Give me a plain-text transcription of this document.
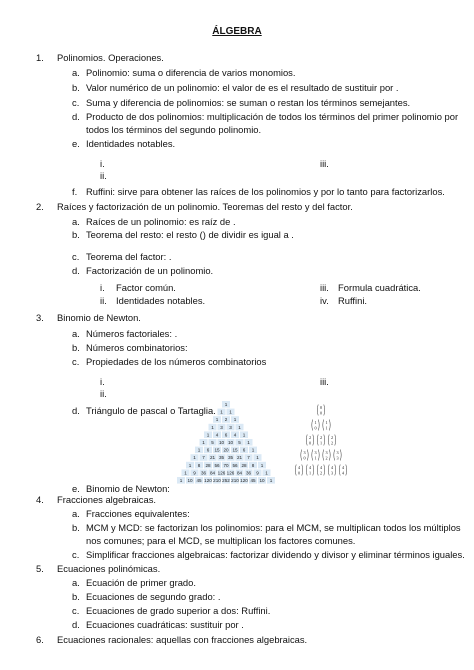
ÁLGEBRA
1. Polinomios. Operaciones.
a. Polinomio: suma o diferencia de varios monomios.
b. Valor numérico de un polinomio: el valor de es el resultado de sustituir por .
c. Suma y diferencia de polinomios: se suman o restan los términos semejantes.
d. Producto de dos polinomios: multiplicación de todos los términos del primer polinomio por
todos los términos del segundo polinomio.
e. Identidades notables.
i.	iii.
ii.
f. Ruffini: sirve para obtener las raíces de los polinomios y por lo tanto para factorizarlos.
2. Raíces y factorización de un polinomio. Teoremas del resto y del factor.
a. Raíces de un polinomio: es raíz de .
b. Teorema del resto: el resto () de dividir es igual a .
c. Teorema del factor: .
d. Factorización de un polinomio.
i. Factor común.	iii. Formula cuadrática.
ii. Identidades notables.	iv. Ruffini.
3. Binomio de Newton.
a. Números factoriales: .
b. Números combinatorios:
c. Propiedades de los números combinatorios
i.	iii.
ii.
d. Triángulo de pascal o Tartaglia.
1
1 1
1 2 1
1 3 3 1
1 4 6 4 1
1 5 10 10 5 1
1 6 15 20 15 6 1
1 7 21 35 35 21 7 1
1 8 28 56 70 56 28 8 1
1 9 36 84 126 126 84 36 9 1
1 10 45 120 210 252 210 120 45 10 1
0
0
1
0
1
1
2
0
2
1
2
2
3
0
3
1
3
2
3
3
4
0
4
1
4
2
4
3
4
4
e. Binomio de Newton:
4. Fracciones algebraicas.
a. Fracciones equivalentes:
b. MCM y MCD: se factorizan los polinomios: para el MCM, se multiplican todos los múltiplos
nos comunes; para el MCD, se multiplican los factores comunes.
c. Simplificar fracciones algebraicas: factorizar dividendo y divisor y eliminar términos iguales.
5. Ecuaciones polinómicas.
a. Ecuación de primer grado.
b. Ecuaciones de segundo grado: .
c. Ecuaciones de grado superior a dos: Ruffini.
d. Ecuaciones cuadráticas: sustituir por .
6. Ecuaciones racionales: aquellas con fracciones algebraicas.
